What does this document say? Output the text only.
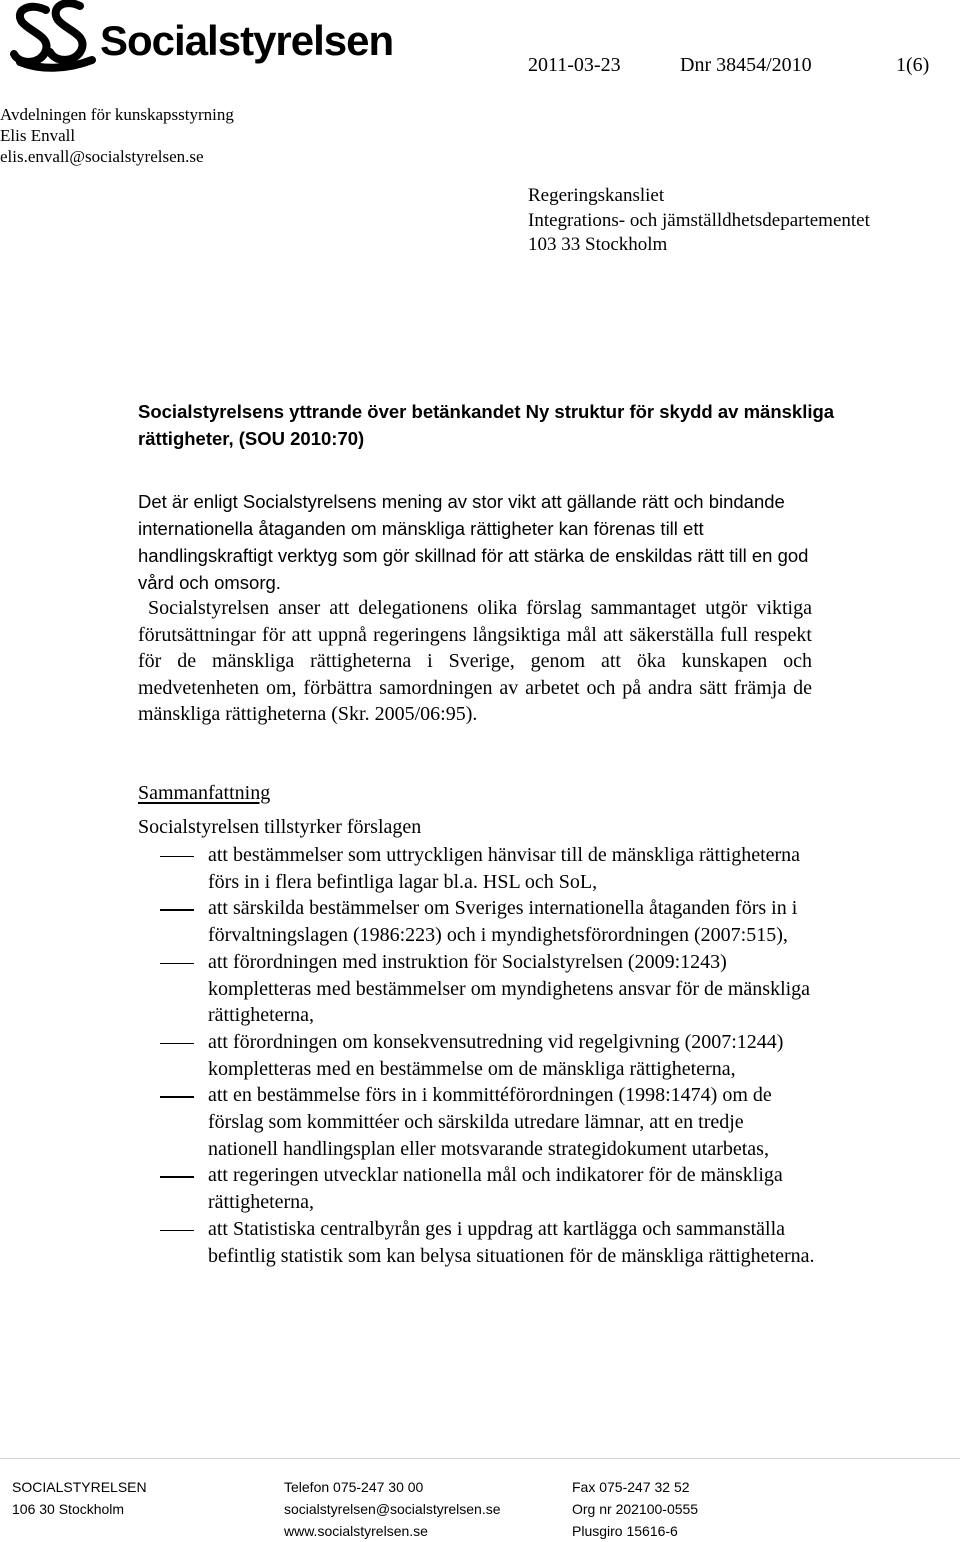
Socialstyrelsen
2011-03-23	Dnr 38454/2010	1(6)
Avdelningen för kunskapsstyrning
Elis Envall
elis.envall@socialstyrelsen.se
Regeringskansliet
Integrations- och jämställdhetsdepartementet
103 33 Stockholm
Socialstyrelsens yttrande över betänkandet Ny struktur för skydd av mänskliga rättigheter, (SOU 2010:70)
Det är enligt Socialstyrelsens mening av stor vikt att gällande rätt och bindande internationella åtaganden om mänskliga rättigheter kan förenas till ett handlingskraftigt verktyg som gör skillnad för att stärka de enskildas rätt till en god vård och omsorg.
Socialstyrelsen anser att delegationens olika förslag sammantaget utgör viktiga förutsättningar för att uppnå regeringens långsiktiga mål att säkerställa full respekt för de mänskliga rättigheterna i Sverige, genom att öka kunskapen och medvetenheten om, förbättra samordningen av arbetet och på andra sätt främja de mänskliga rättigheterna (Skr. 2005/06:95).
Sammanfattning
Socialstyrelsen tillstyrker förslagen
att bestämmelser som uttryckligen hänvisar till de mänskliga rättigheterna förs in i flera befintliga lagar bl.a. HSL och SoL,
att särskilda bestämmelser om Sveriges internationella åtaganden förs in i förvaltningslagen (1986:223) och i myndighetsförordningen (2007:515),
att förordningen med instruktion för Socialstyrelsen (2009:1243) kompletteras med bestämmelser om myndighetens ansvar för de mänskliga rättigheterna,
att förordningen om konsekvensutredning vid regelgivning (2007:1244) kompletteras med en bestämmelse om de mänskliga rättigheterna,
att en bestämmelse förs in i kommittéförordningen (1998:1474) om de förslag som kommittéer och särskilda utredare lämnar, att en tredje nationell handlingsplan eller motsvarande strategidokument utarbetas,
att regeringen utvecklar nationella mål och indikatorer för de mänskliga rättigheterna,
att Statistiska centralbyrån ges i uppdrag att kartlägga och sammanställa befintlig statistik som kan belysa situationen för de mänskliga rättigheterna.
SOCIALSTYRELSEN
106 30 Stockholm
Telefon 075-247 30 00
socialstyrelsen@socialstyrelsen.se
www.socialstyrelsen.se
Fax 075-247 32 52
Org nr 202100-0555
Plusgiro 15616-6
